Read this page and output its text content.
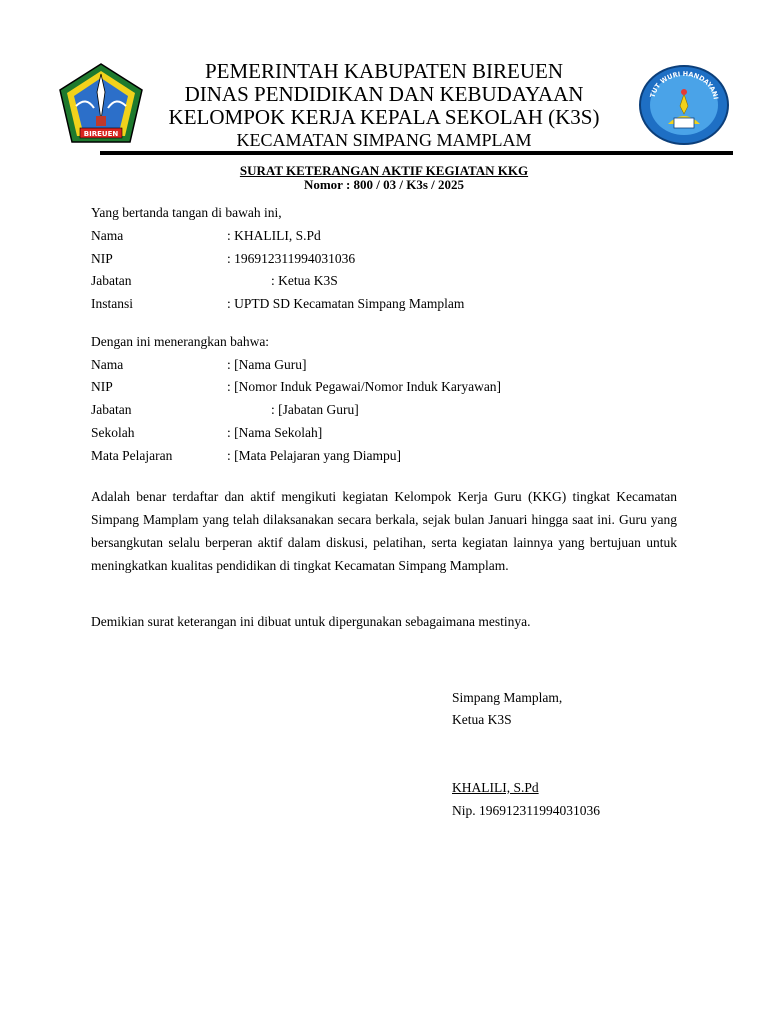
BIREUEN
PEMERINTAH KABUPATEN BIREUEN
DINAS PENDIDIKAN DAN KEBUDAYAAN
KELOMPOK KERJA KEPALA SEKOLAH (K3S)
KECAMATAN SIMPANG MAMPLAM
TUT WURI HANDAYANI
SURAT KETERANGAN AKTIF KEGIATAN KKG
Nomor : 800 / 03 / K3s / 2025
Yang bertanda tangan di bawah ini,
Nama	: KHALILI, S.Pd
NIP	: 196912311994031036
Jabatan	: Ketua K3S
Instansi	: UPTD SD Kecamatan Simpang Mamplam
Dengan ini menerangkan bahwa:
Nama	: [Nama Guru]
NIP	: [Nomor Induk Pegawai/Nomor Induk Karyawan]
Jabatan	: [Jabatan Guru]
Sekolah	: [Nama Sekolah]
Mata Pelajaran	: [Mata Pelajaran yang Diampu]
Adalah benar terdaftar dan aktif mengikuti kegiatan Kelompok Kerja Guru (KKG) tingkat Kecamatan Simpang Mamplam yang telah dilaksanakan secara berkala, sejak bulan Januari hingga saat ini. Guru yang bersangkutan selalu berperan aktif dalam diskusi, pelatihan, serta kegiatan lainnya yang bertujuan untuk meningkatkan kualitas pendidikan di tingkat Kecamatan Simpang Mamplam.
Demikian surat keterangan ini dibuat untuk dipergunakan sebagaimana mestinya.
Simpang Mamplam,
Ketua K3S
KHALILI, S.Pd
Nip. 196912311994031036
